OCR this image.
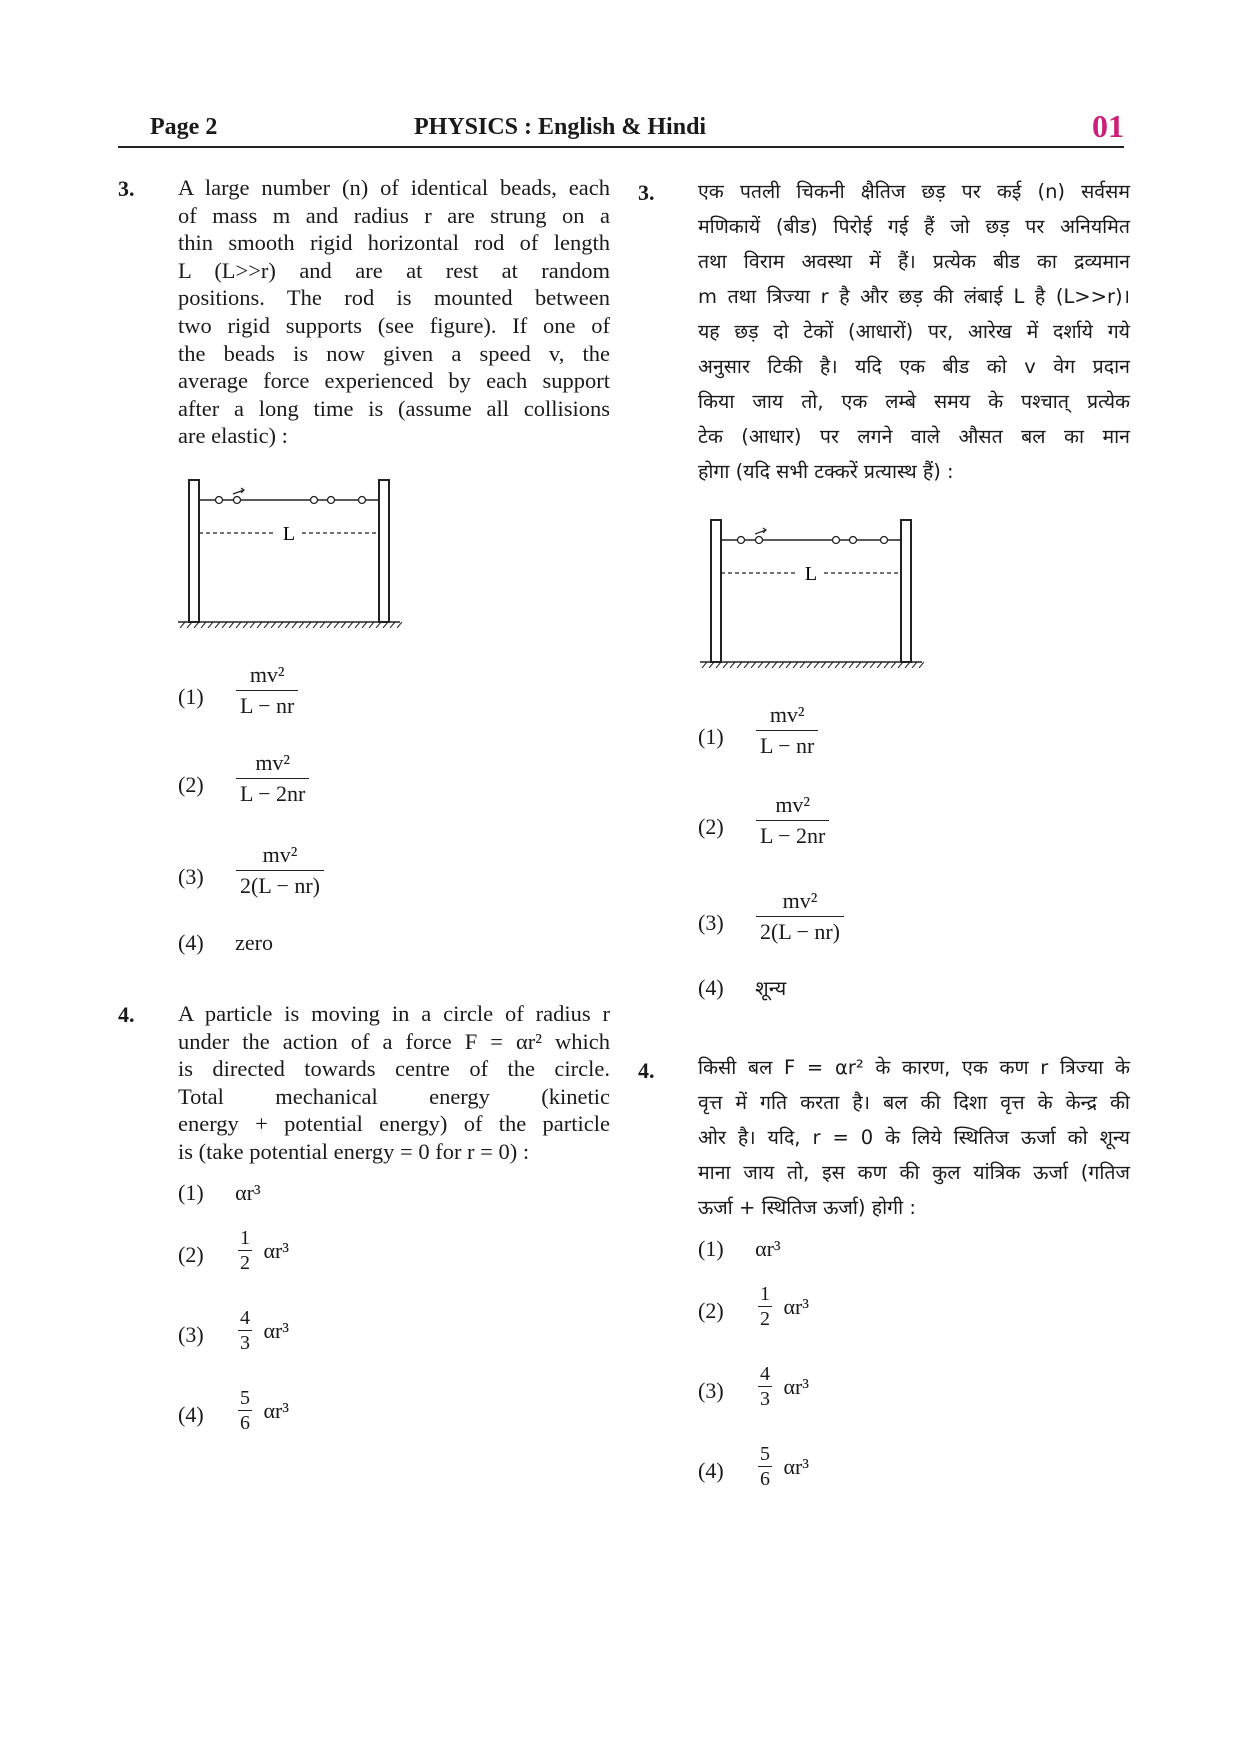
Page 2	PHYSICS : English & Hindi	01
3. A large number (n) of identical beads, each
of mass m and radius r are strung on a
thin smooth rigid horizontal rod of length
L (L>>r) and are at rest at random
positions. The rod is mounted between
two rigid supports (see figure). If one of
the beads is now given a speed v, the
average force experienced by each support
after a long time is (assume all collisions
are elastic) :
L
$(1) \frac{\text{mv²}}{L - nr}$
$(2) \frac{\text{mv²}}{L - 2nr}$
$(3) \frac{\text{mv²}}{2(L - nr)}$
(4) zero
4. A particle is moving in a circle of radius r
under the action of a force F = αr² which
is directed towards centre of the circle.
Total mechanical energy (kinetic
energy + potential energy) of the particle
is (take potential energy = 0 for r = 0) :
(1) αr³
$(2) \frac{1}{2} \alpha r^3$
$(3) \frac{4}{3} \alpha r^3$
$(4) \frac{5}{6} \alpha r^3$
3. एक पतली चिकनी क्षैतिज छड़ पर कई (n) सर्वसम
मणिकायें (बीड) पिरोई गई हैं जो छड़ पर अनियमित
तथा विराम अवस्था में हैं। प्रत्येक बीड का द्रव्यमान
m तथा त्रिज्या r है और छड़ की लंबाई L है (L>>r)।
यह छड़ दो टेकों (आधारों) पर, आरेख में दर्शाये गये
अनुसार टिकी है। यदि एक बीड को v वेग प्रदान
किया जाय तो, एक लम्बे समय के पश्चात् प्रत्येक
टेक (आधार) पर लगने वाले औसत बल का मान
होगा (यदि सभी टक्करें प्रत्यास्थ हैं) :
L
$(1) \frac{\text{mv²}}{L - nr}$
$(2) \frac{\text{mv²}}{L - 2nr}$
$(3) \frac{\text{mv²}}{2(L - nr)}$
(4) शून्य
4. किसी बल F = αr² के कारण, एक कण r त्रिज्या के
वृत्त में गति करता है। बल की दिशा वृत्त के केन्द्र की
ओर है। यदि, r = 0 के लिये स्थितिज ऊर्जा को शून्य
माना जाय तो, इस कण की कुल यांत्रिक ऊर्जा (गतिज
ऊर्जा + स्थितिज ऊर्जा) होगी :
(1) αr³
$(2) \frac{1}{2} \alpha r^3$
$(3) \frac{4}{3} \alpha r^3$
$(4) \frac{5}{6} \alpha r^3$
